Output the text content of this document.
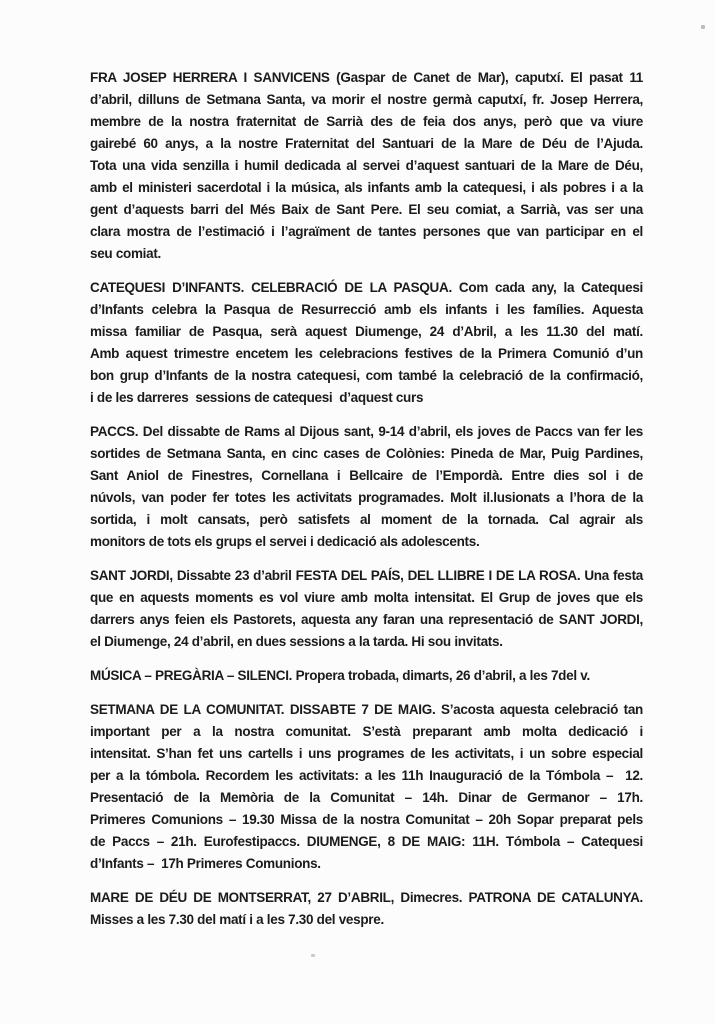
FRA JOSEP HERRERA I SANVICENS (Gaspar de Canet de Mar), caputxí. El pasat 11
d’abril, dilluns de Setmana Santa, va morir el nostre germà caputxí, fr. Josep Herrera,
membre de la nostra fraternitat de Sarrià des de feia dos anys, però que va viure
gairebé 60 anys, a la nostre Fraternitat del Santuari de la Mare de Déu de l’Ajuda.
Tota una vida senzilla i humil dedicada al servei d’aquest santuari de la Mare de Déu,
amb el ministeri sacerdotal i la música, als infants amb la catequesi, i als pobres i a la
gent d’aquests barri del Més Baix de Sant Pere. El seu comiat, a Sarrià, vas ser una
clara mostra de l’estimació i l’agraïment de tantes persones que van participar en el
seu comiat.

CATEQUESI D’INFANTS. CELEBRACIÓ DE LA PASQUA. Com cada any, la Catequesi
d’Infants celebra la Pasqua de Resurrecció amb els infants i les famílies. Aquesta
missa familiar de Pasqua, serà aquest Diumenge, 24 d’Abril, a les 11.30 del matí.
Amb aquest trimestre encetem les celebracions festives de la Primera Comunió d’un
bon grup d’Infants de la nostra catequesi, com també la celebració de la confirmació,
i de les darreres  sessions de catequesi  d’aquest curs

PACCS. Del dissabte de Rams al Dijous sant, 9-14 d’abril, els joves de Paccs van fer les
sortides de Setmana Santa, en cinc cases de Colònies: Pineda de Mar, Puig Pardines,
Sant Aniol de Finestres, Cornellana i Bellcaire de l’Empordà. Entre dies sol i de
núvols, van poder fer totes les activitats programades. Molt il.lusionats a l’hora de la
sortida, i molt cansats, però satisfets al moment de la tornada. Cal agrair als
monitors de tots els grups el servei i dedicació als adolescents.

SANT JORDI, Dissabte 23 d’abril FESTA DEL PAÍS, DEL LLIBRE I DE LA ROSA. Una festa
que en aquests moments es vol viure amb molta intensitat. El Grup de joves que els
darrers anys feien els Pastorets, aquesta any faran una representació de SANT JORDI,
el Diumenge, 24 d’abril, en dues sessions a la tarda. Hi sou invitats.

MÚSICA – PREGÀRIA – SILENCI. Propera trobada, dimarts, 26 d’abril, a les 7del v.

SETMANA DE LA COMUNITAT. DISSABTE 7 DE MAIG. S’acosta aquesta celebració tan
important per a la nostra comunitat. S’està preparant amb molta dedicació i
intensitat. S’han fet uns cartells i uns programes de les activitats, i un sobre especial
per a la tómbola. Recordem les activitats: a les 11h Inauguració de la Tómbola –  12.
Presentació de la Memòria de la Comunitat – 14h. Dinar de Germanor – 17h.
Primeres Comunions – 19.30 Missa de la nostra Comunitat – 20h Sopar preparat pels
de Paccs – 21h. Eurofestipaccs. DIUMENGE, 8 DE MAIG: 11H. Tómbola – Catequesi
d’Infants –  17h Primeres Comunions.

MARE DE DÉU DE MONTSERRAT, 27 D’ABRIL, Dimecres. PATRONA DE CATALUNYA.
Misses a les 7.30 del matí i a les 7.30 del vespre.
